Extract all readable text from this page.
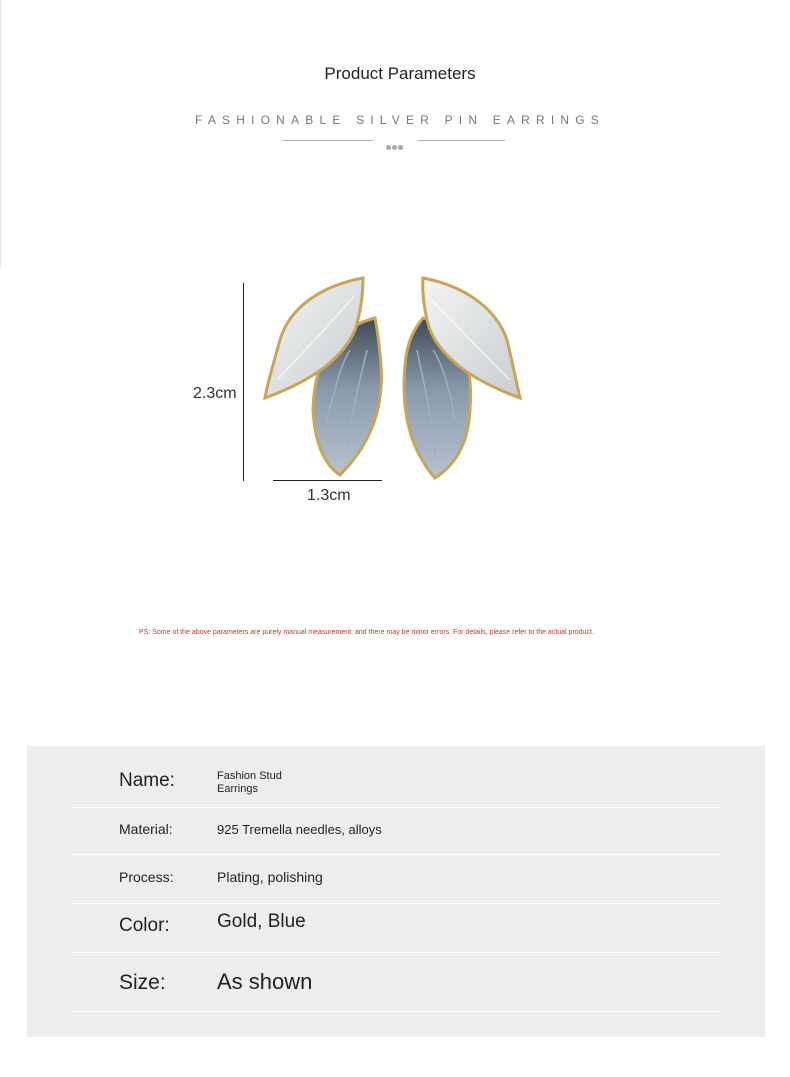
Product Parameters
FASHIONABLE SILVER PIN EARRINGS
2.3cm
1.3cm
PS: Some of the above parameters are purely manual measurement, and there may be minor errors. For details, please refer to the actual product.
Name:	Fashion Stud
Earrings
Material:	925 Tremella needles, alloys
Process:	Plating, polishing
Color: Gold, Blue
Size: As shown
